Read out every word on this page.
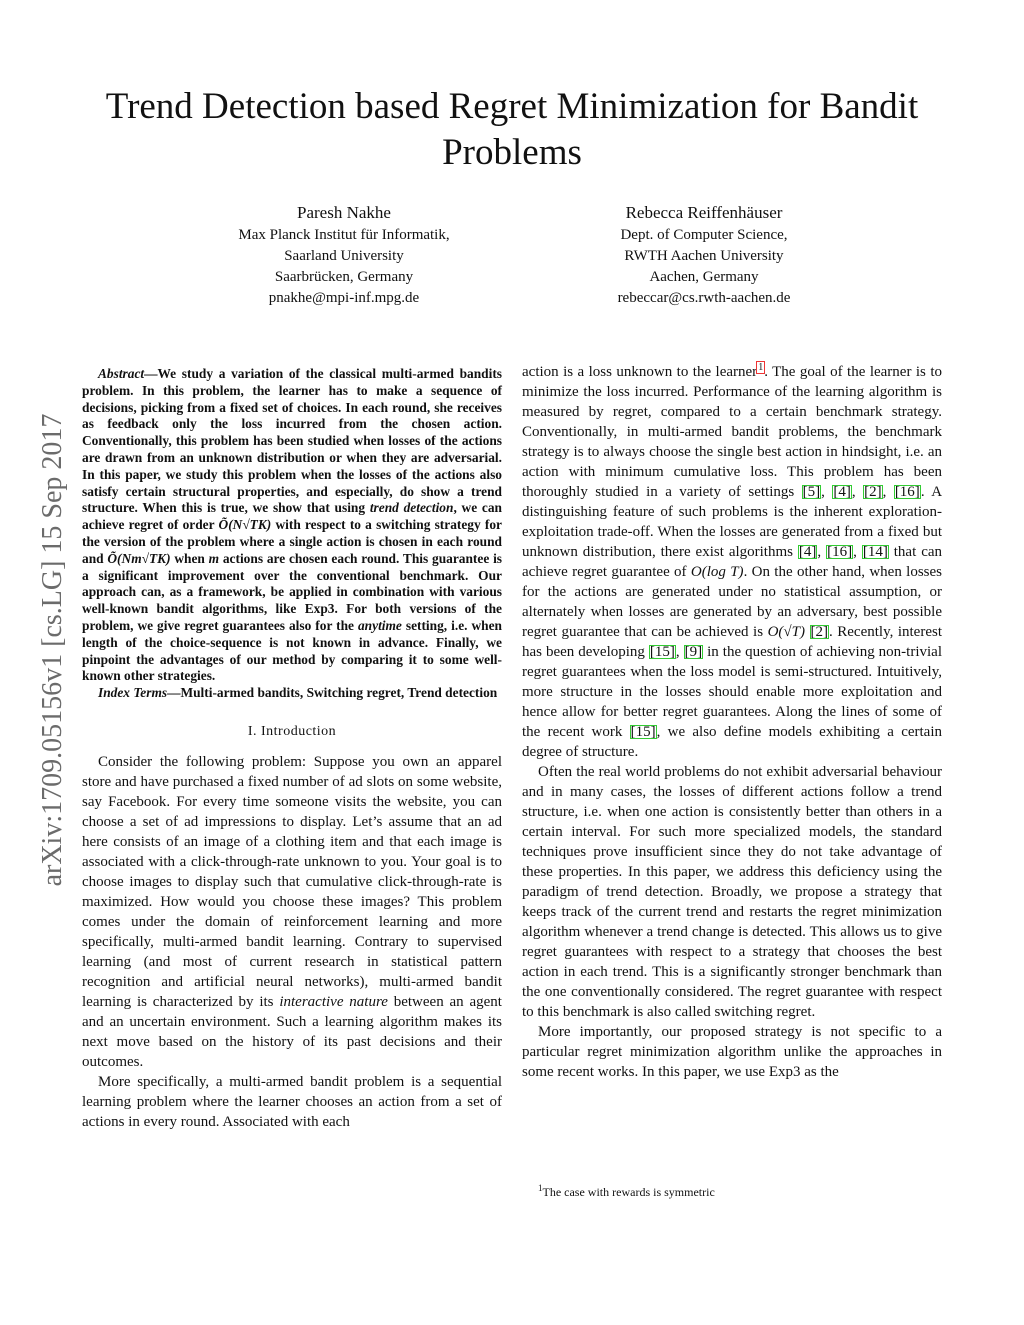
Trend Detection based Regret Minimization for Bandit Problems
Paresh Nakhe
Max Planck Institut für Informatik,
Saarland University
Saarbrücken, Germany
pnakhe@mpi-inf.mpg.de
Rebecca Reiffenhäuser
Dept. of Computer Science,
RWTH Aachen University
Aachen, Germany
rebeccar@cs.rwth-aachen.de
arXiv:1709.05156v1 [cs.LG] 15 Sep 2017

Abstract—We study a variation of the classical multi-armed bandits problem. In this problem, the learner has to make a sequence of decisions, picking from a fixed set of choices. In each round, she receives as feedback only the loss incurred from the chosen action. Conventionally, this problem has been studied when losses of the actions are drawn from an unknown distribution or when they are adversarial. In this paper, we study this problem when the losses of the actions also satisfy certain structural properties, and especially, do show a trend structure. When this is true, we show that using trend detection, we can achieve regret of order Õ(N√TK) with respect to a switching strategy for the version of the problem where a single action is chosen in each round and Õ(Nm√TK) when m actions are chosen each round. This guarantee is a significant improvement over the conventional benchmark. Our approach can, as a framework, be applied in combination with various well-known bandit algorithms, like Exp3. For both versions of the problem, we give regret guarantees also for the anytime setting, i.e. when length of the choice-sequence is not known in advance. Finally, we pinpoint the advantages of our method by comparing it to some well-known other strategies.

Index Terms—Multi-armed bandits, Switching regret, Trend detection

I. Introduction

Consider the following problem: Suppose you own an apparel store and have purchased a fixed number of ad slots on some website, say Facebook. For every time someone visits the website, you can choose a set of ad impressions to display. Let’s assume that an ad here consists of an image of a clothing item and that each image is associated with a click-through-rate unknown to you. Your goal is to choose images to display such that cumulative click-through-rate is maximized. How would you choose these images? This problem comes under the domain of reinforcement learning and more specifically, multi-armed bandit learning. Contrary to supervised learning (and most of current research in statistical pattern recognition and artificial neural networks), multi-armed bandit learning is characterized by its interactive nature between an agent and an uncertain environment. Such a learning algorithm makes its next move based on the history of its past decisions and their outcomes.

More specifically, a multi-armed bandit problem is a sequential learning problem where the learner chooses an action from a set of actions in every round. Associated with each

action is a loss unknown to the learner$^1$. The goal of the learner is to minimize the loss incurred. Performance of the learning algorithm is measured by regret, compared to a certain benchmark strategy. Conventionally, in multi-armed bandit problems, the benchmark strategy is to always choose the single best action in hindsight, i.e. an action with minimum cumulative loss. This problem has been thoroughly studied in a variety of settings [5], [4], [2], [16]. A distinguishing feature of such problems is the inherent exploration-exploitation trade-off. When the losses are generated from a fixed but unknown distribution, there exist algorithms [4], [16], [14] that can achieve regret guarantee of O(log T). On the other hand, when losses for the actions are generated under no statistical assumption, or alternately when losses are generated by an adversary, best possible regret guarantee that can be achieved is O(√T) [2]. Recently, interest has been developing [15], [9] in the question of achieving non-trivial regret guarantees when the loss model is semi-structured. Intuitively, more structure in the losses should enable more exploitation and hence allow for better regret guarantees. Along the lines of some of the recent work [15], we also define models exhibiting a certain degree of structure.

Often the real world problems do not exhibit adversarial behaviour and in many cases, the losses of different actions follow a trend structure, i.e. when one action is consistently better than others in a certain interval. For such more specialized models, the standard techniques prove insufficient since they do not take advantage of these properties. In this paper, we address this deficiency using the paradigm of trend detection. Broadly, we propose a strategy that keeps track of the current trend and restarts the regret minimization algorithm whenever a trend change is detected. This allows us to give regret guarantees with respect to a strategy that chooses the best action in each trend. This is a significantly stronger benchmark than the one conventionally considered. The regret guarantee with respect to this benchmark is also called switching regret.

More importantly, our proposed strategy is not specific to a particular regret minimization algorithm unlike the approaches in some recent works. In this paper, we use Exp3 as the

$^1$The case with rewards is symmetric
